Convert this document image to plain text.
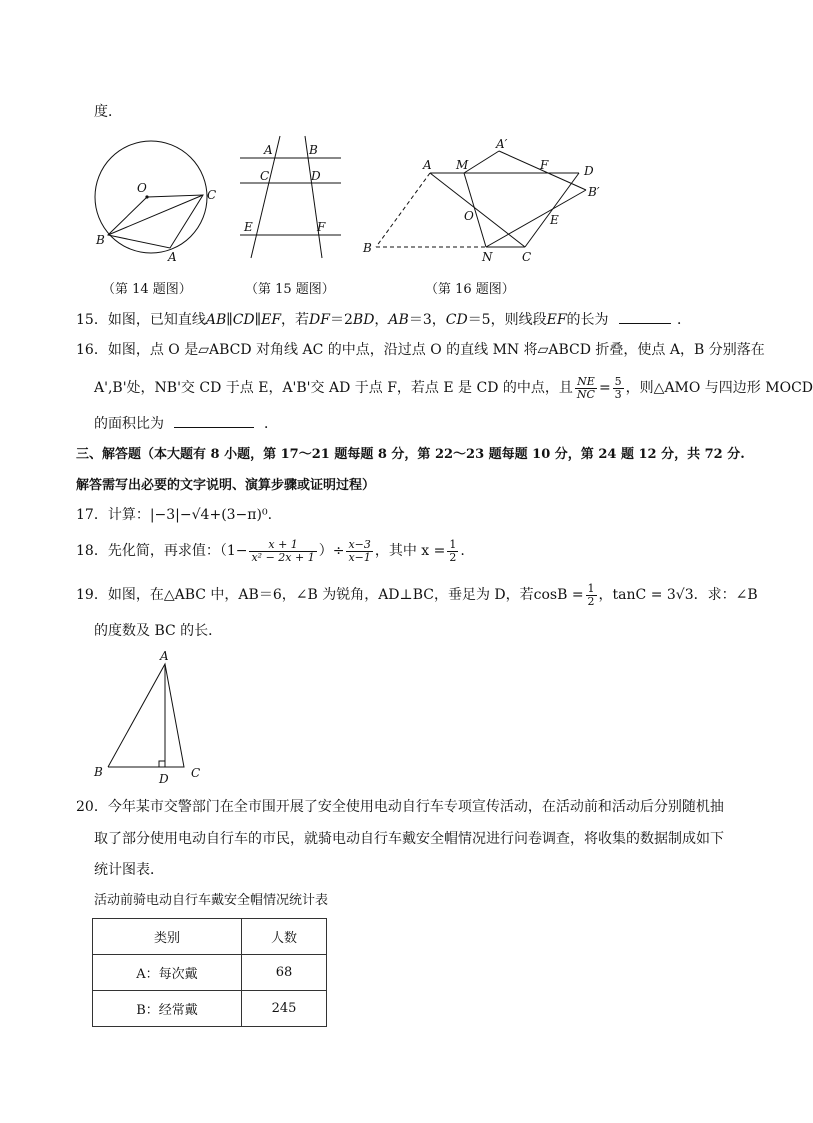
度．
O
B
A
C
（第 14 题图）
A	B
C	D
E	F
（第 15 题图）
A M
A′
F	D
B′
O	E
B
N C
（第 16 题图）
15．如图，已知直线AB∥CD∥EF，若DF＝2BD，AB＝3，CD＝5，则线段EF的长为	．
16．如图，点 O 是▱ABCD 对角线 AC 的中点，沿过点 O 的直线 MN 将▱ABCD 折叠，使点 A，B 分别落在
A',B'处，NB'交 CD 于点 E，A'B'交 AD 于点 F，若点 E 是 CD 的中点，且 $\frac{NE}{NC} = \frac{5}{3}$ ，则△AMO 与四边形 MOCD
的面积比为	．
三、解答题（本大题有 8 小题，第 17～21 题每题 8 分，第 22～23 题每题 10 分，第 24 题 12 分，共 72 分.
解答需写出必要的文字说明、演算步骤或证明过程）
17．计算：|−3|−√4+(3−π)⁰.
18．先化简，再求值：（$1- \frac{x + 1}{\text{x² − 2x + 1}}$ ）÷ $\frac{x-3}{x-1}$ ，其中 $x = \frac{1}{2}$ .
19．如图，在△ABC 中，AB＝6，∠B 为锐角，AD⊥BC，垂足为 D，若$\cos B = \frac{1}{2}$ ，tanC = 3√3．求：∠B
的度数及 BC 的长．
A
B	D C
20．今年某市交警部门在全市围开展了安全使用电动自行车专项宣传活动，在活动前和活动后分别随机抽
取了部分使用电动自行车的市民，就骑电动自行车戴安全帽情况进行问卷调查，将收集的数据制成如下
统计图表．
活动前骑电动自行车戴安全帽情况统计表
类别	人数
A：每次戴	68
B：经常戴	245
